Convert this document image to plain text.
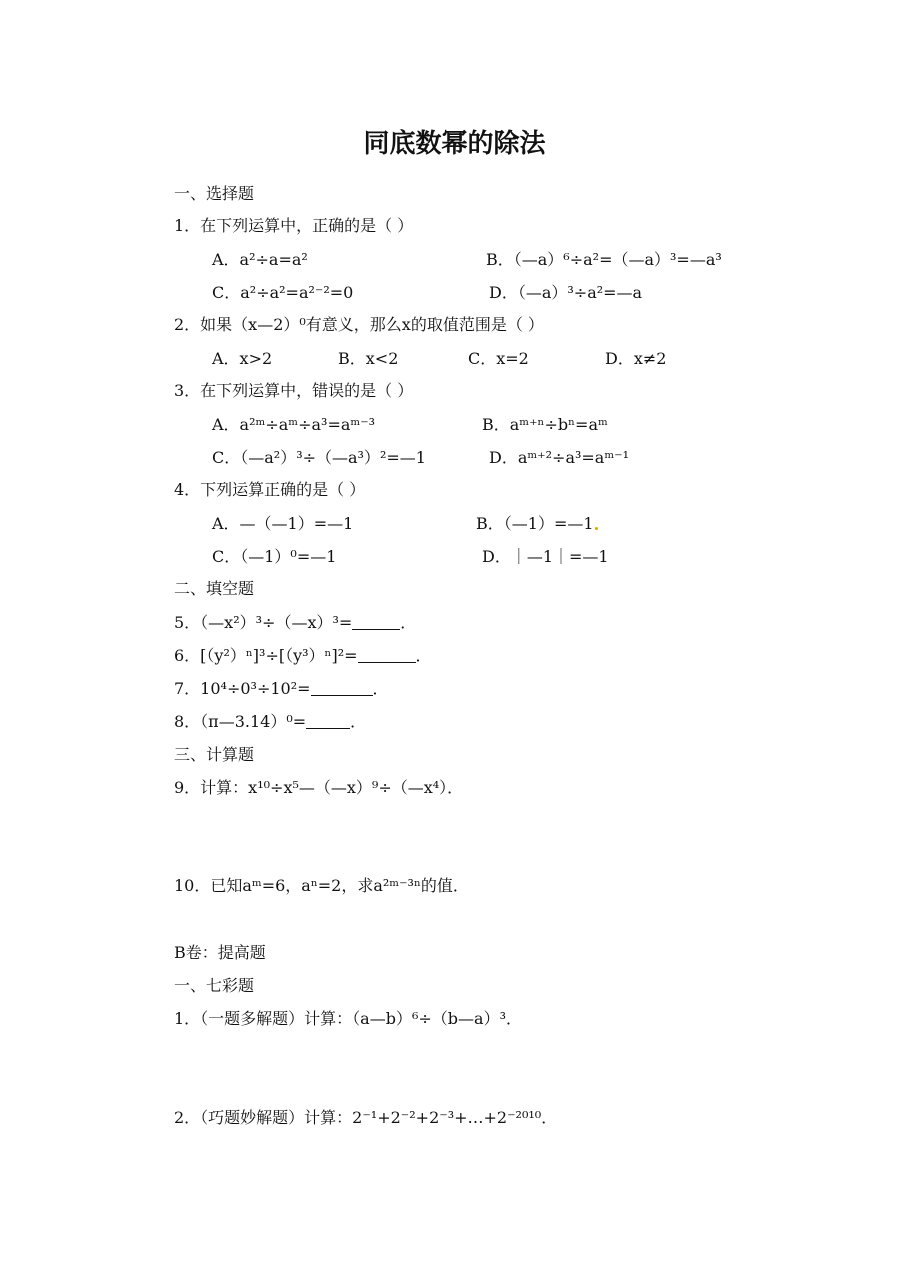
同底数幂的除法
一、选择题
1．在下列运算中，正确的是（ ）
A．a²÷a=a²	B．（—a）⁶÷a²=（—a）³=—a³
C．a²÷a²=a²⁻²=0	D．（—a）³÷a²=—a
2．如果（x—2）⁰有意义，那么x的取值范围是（ ）
A．x>2	B．x<2	C．x=2	D．x≠2
3．在下列运算中，错误的是（ ）
A．a²ᵐ÷aᵐ÷a³=aᵐ⁻³	B．aᵐ⁺ⁿ÷bⁿ=aᵐ
C．（—a²）³÷（—a³）²=—1	D．aᵐ⁺²÷a³=aᵐ⁻¹
4．下列运算正确的是（ ）
A．—（—1）=—1	B．（—1）=—1
C．（—1）⁰=—1	D．｜—1｜=—1
二、填空题
5．（—x²）³÷（—x）³=	．
6．[（y²）ⁿ]³÷[（y³）ⁿ]²=	．
7．10⁴÷0³÷10²=	．
8．（π—3.14）⁰=	．
三、计算题
9．计算：x¹⁰÷x⁵—（—x）⁹÷（—x⁴）．
10．已知aᵐ=6，aⁿ=2，求a²ᵐ⁻³ⁿ的值．
B卷：提高题
一、七彩题
1．（一题多解题）计算：（a—b）⁶÷（b—a）³．
2．（巧题妙解题）计算：2⁻¹+2⁻²+2⁻³+…+2⁻²⁰¹⁰．
